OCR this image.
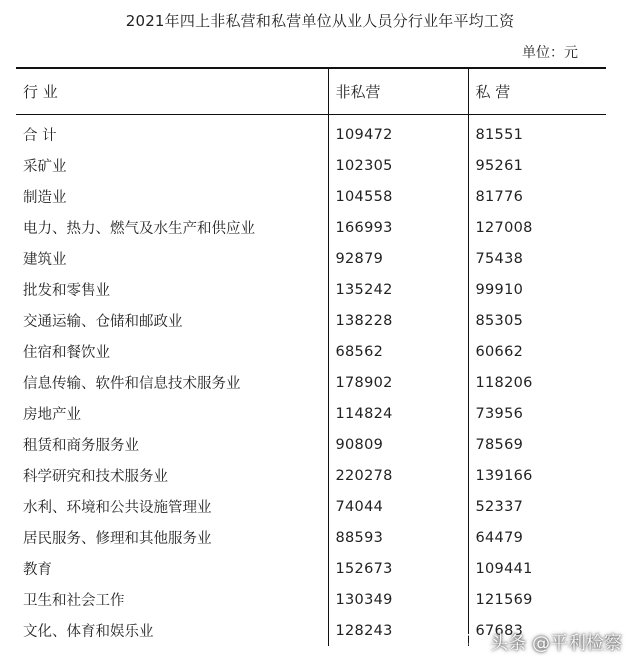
2021年四上非私营和私营单位从业人员分行业年平均工资
单位：元
行 业	非私营	私 营
合 计	109472	81551
采矿业	102305	95261
制造业	104558	81776
电力、热力、燃气及水生产和供应业	166993	127008
建筑业	92879	75438
批发和零售业	135242	99910
交通运输、仓储和邮政业	138228	85305
住宿和餐饮业	68562	60662
信息传输、软件和信息技术服务业	178902	118206
房地产业	114824	73956
租赁和商务服务业	90809	78569
科学研究和技术服务业	220278	139166
水利、环境和公共设施管理业	74044	52337
居民服务、修理和其他服务业	88593	64479
教育	152673	109441
卫生和社会工作	130349	121569
文化、体育和娱乐业	128243	67683
头条 @平利检察
